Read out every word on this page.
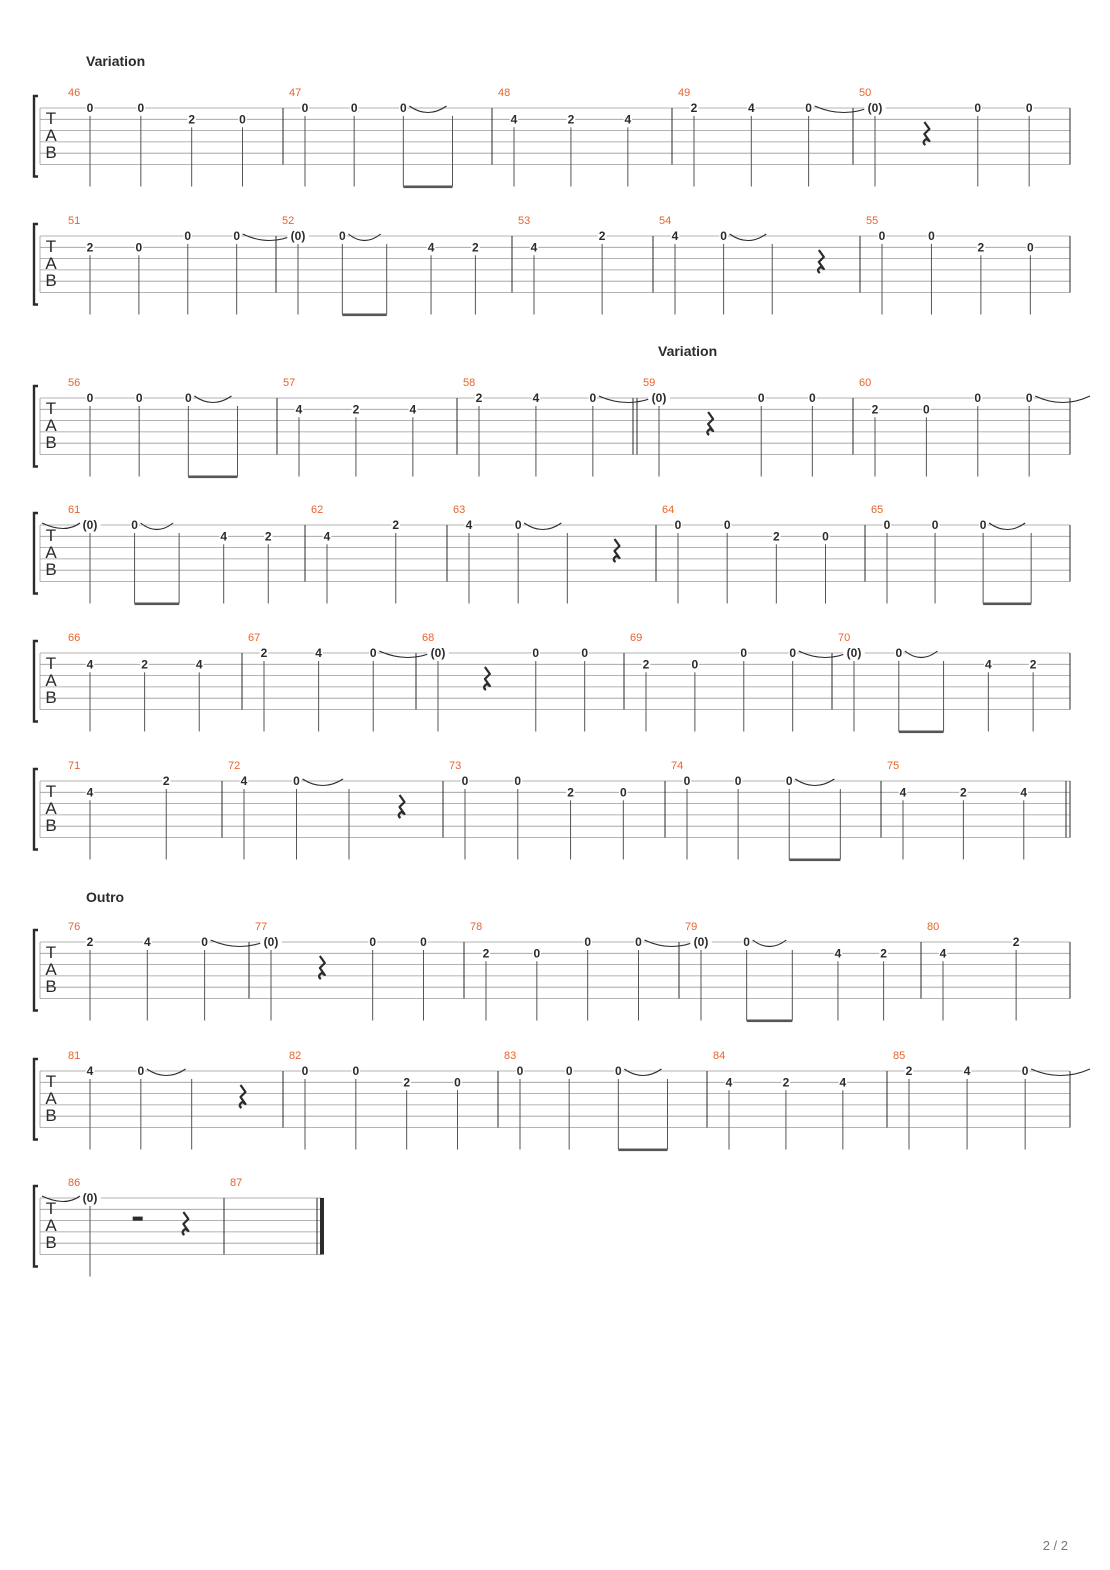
Variation
T
A
B
46
0	0
2	0
47
0	0	0
48
4	2	4
49
2	4	0
50
(0)	0	0
T
A
B
51
2	0
0	0
52
(0)	0
4	2
53
4
2
54
4	0
55
0	0
2	0
Variation
T
A
B
56
0	0	0
57
4	2	4
58
2	4	0
59
(0)	0	0
60
2	0
0	0
T
A
B
61
(0)	0
4	2
62
4
2
63
4	0
64
0	0
2	0
65
0	0	0
T
A
B
66
4	2	4
67
2	4	0
68
(0)	0	0
69
2	0
0	0
70
(0)	0
4	2
T
A
B
71
4
2
72
4	0
73
0	0
2	0
74
0	0	0
75
4	2	4
Outro
T
A
B
76
2	4	0
77
(0)	0	0
78
2	0
0	0
79
(0)	0
4	2
80
4
2
T
A
B
81
4	0
82
0	0
2	0
83
0	0	0
84
4	2	4
85
2	4	0
T
A
B
86
(0)
87
2 / 2
